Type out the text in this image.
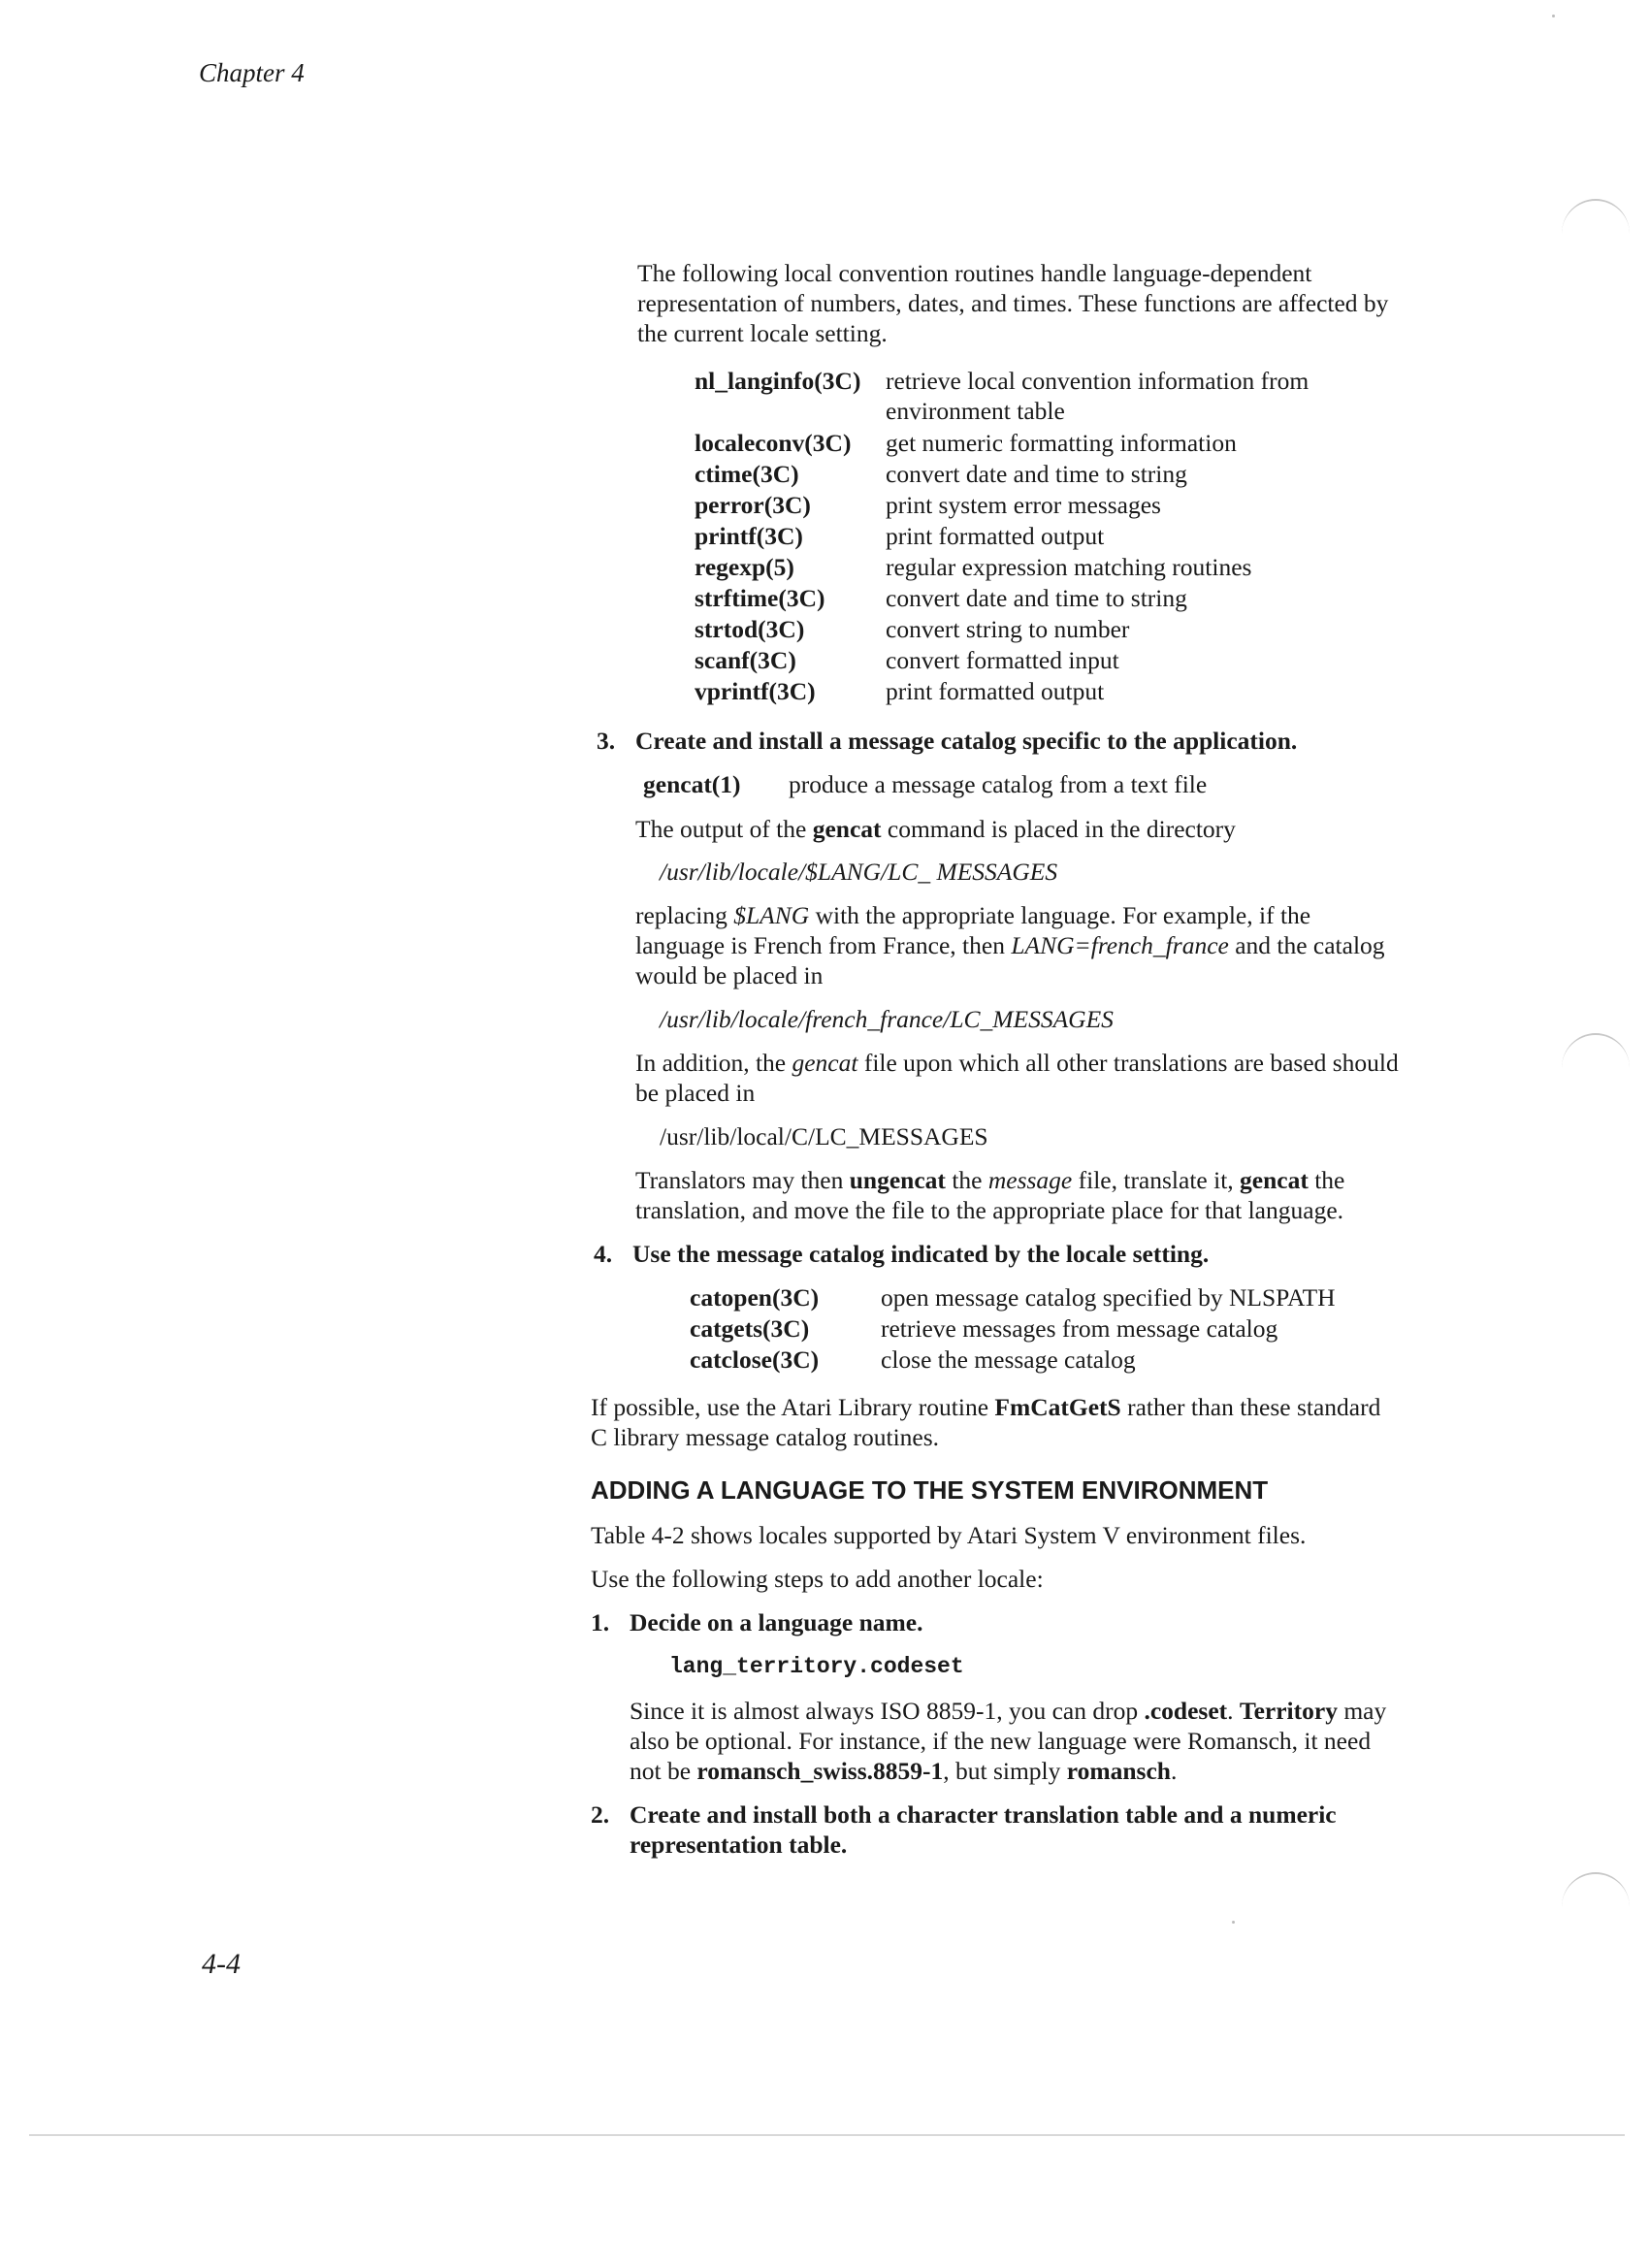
Chapter 4
The following local convention routines handle language-dependent
representation of numbers, dates, and times. These functions are affected by
the current locale setting.
nl_langinfo(3C) retrieve local convention information from
environment table
localeconv(3C) get numeric formatting information
ctime(3C)	convert date and time to string
perror(3C)	print system error messages
printf(3C)	print formatted output
regexp(5)	regular expression matching routines
strftime(3C) convert date and time to string
strtod(3C)	convert string to number
scanf(3C)	convert formatted input
vprintf(3C)	print formatted output
3. Create and install a message catalog specific to the application.
gencat(1) produce a message catalog from a text file
The output of the gencat command is placed in the directory
/usr/lib/locale/$LANG/LC_ MESSAGES
replacing $LANG with the appropriate language. For example, if the
language is French from France, then LANG=french_france and the catalog
would be placed in
/usr/lib/locale/french_france/LC_MESSAGES
In addition, the gencat file upon which all other translations are based should
be placed in
/usr/lib/local/C/LC_MESSAGES
Translators may then ungencat the message file, translate it, gencat the
translation, and move the file to the appropriate place for that language.
4. Use the message catalog indicated by the locale setting.
catopen(3C)	open message catalog specified by NLSPATH
catgets(3C)	retrieve messages from message catalog
catclose(3C)	close the message catalog
If possible, use the Atari Library routine FmCatGetS rather than these standard
C library message catalog routines.
ADDING A LANGUAGE TO THE SYSTEM ENVIRONMENT
Table 4-2 shows locales supported by Atari System V environment files.
Use the following steps to add another locale:
1. Decide on a language name.
lang_territory.codeset
Since it is almost always ISO 8859-1, you can drop .codeset. Territory may
also be optional. For instance, if the new language were Romansch, it need
not be romansch_swiss.8859-1, but simply romansch.
2. Create and install both a character translation table and a numeric
representation table.
4-4
